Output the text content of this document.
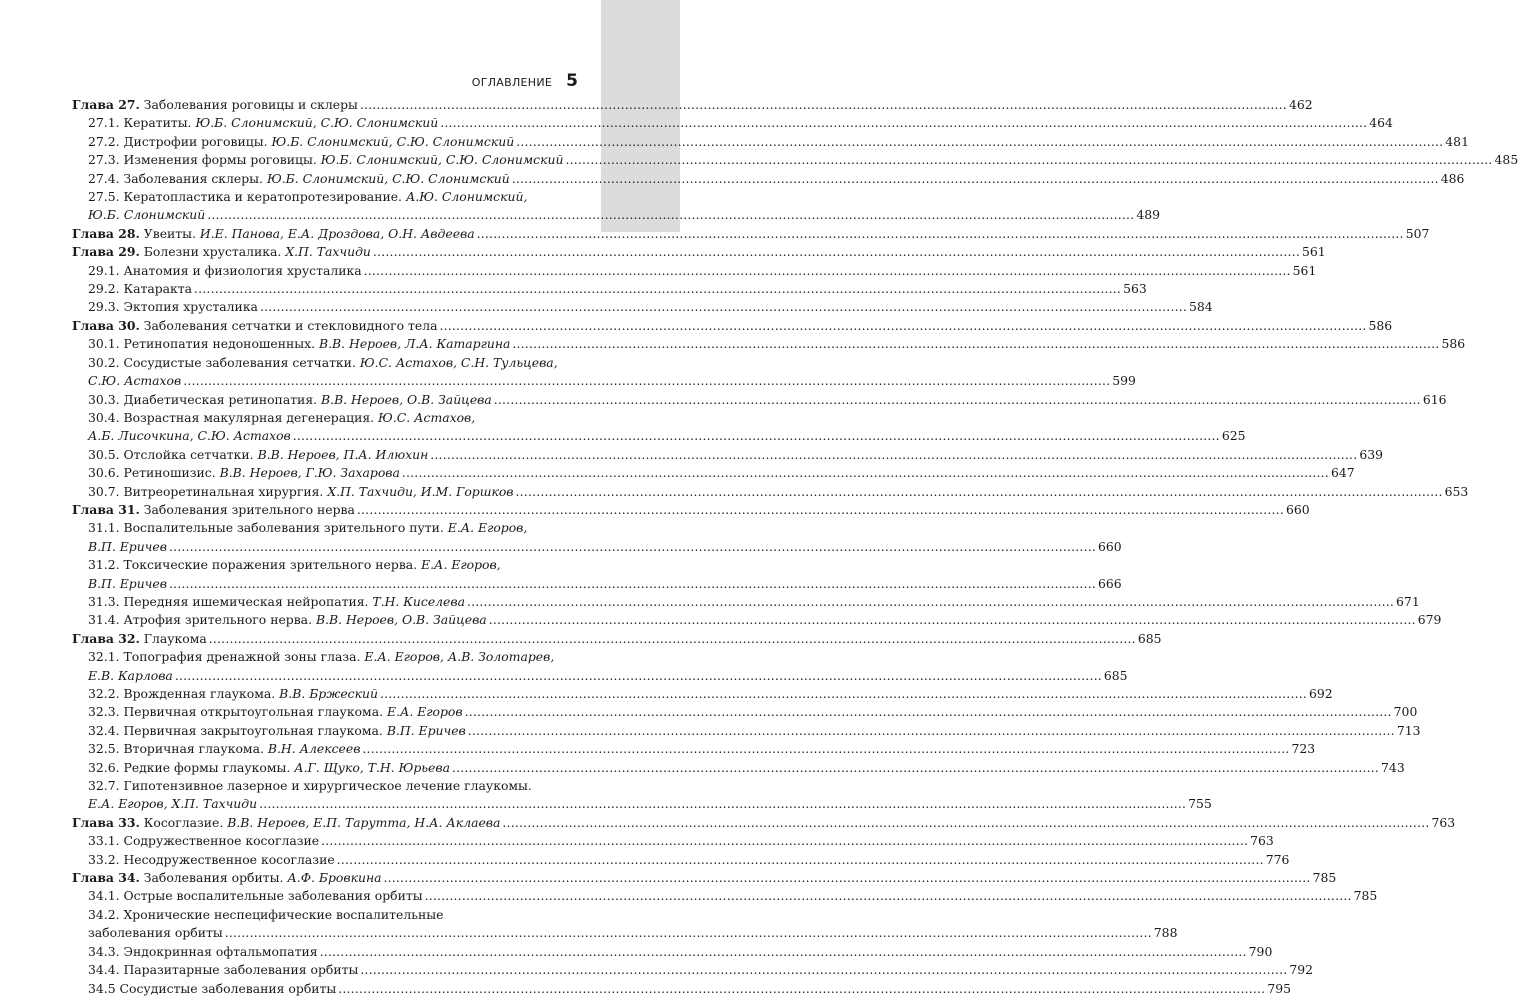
ОГЛАВЛЕНИЕ 5
Глава 27. Заболевания роговицы и склеры .....	462
27.1. Кератиты. Ю.Б. Слонимский, С.Ю. Слонимский .....	464
27.2. Дистрофии роговицы. Ю.Б. Слонимский, С.Ю. Слонимский .....	481
27.3. Изменения формы роговицы. Ю.Б. Слонимский, С.Ю. Слонимский .....	485
27.4. Заболевания склеры. Ю.Б. Слонимский, С.Ю. Слонимский .....	486
27.5. Кератопластика и кератопротезирование. А.Ю. Слонимский,
Ю.Б. Слонимский .....	489
Глава 28. Увеиты. И.Е. Панова, Е.А. Дроздова, О.Н. Авдеева .....	507
Глава 29. Болезни хрусталика. Х.П. Тахчиди .....	561
29.1. Анатомия и физиология хрусталика .....	561
29.2. Катаракта .....	563
29.3. Эктопия хрусталика .....	584
Глава 30. Заболевания сетчатки и стекловидного тела .....	586
30.1. Ретинопатия недоношенных. В.В. Нероев, Л.А. Катаргина .....	586
30.2. Сосудистые заболевания сетчатки. Ю.С. Астахов, С.Н. Тульцева,
С.Ю. Астахов .....	599
30.3. Диабетическая ретинопатия. В.В. Нероев, О.В. Зайцева .....	616
30.4. Возрастная макулярная дегенерация. Ю.С. Астахов,
А.Б. Лисочкина, С.Ю. Астахов .....	625
30.5. Отслойка сетчатки. В.В. Нероев, П.А. Илюхин .....	639
30.6. Ретиношизис. В.В. Нероев, Г.Ю. Захарова .....	647
30.7. Витреоретинальная хирургия. Х.П. Тахчиди, И.М. Горшков .....	653
Глава 31. Заболевания зрительного нерва .....	660
31.1. Воспалительные заболевания зрительного пути. Е.А. Егоров,
В.П. Еричев .....	660
31.2. Токсические поражения зрительного нерва. Е.А. Егоров,
В.П. Еричев .....	666
31.3. Передняя ишемическая нейропатия. Т.Н. Киселева .....	671
31.4. Атрофия зрительного нерва. В.В. Нероев, О.В. Зайцева .....	679
Глава 32. Глаукома .....	685
32.1. Топография дренажной зоны глаза. Е.А. Егоров, А.В. Золотарев,
Е.В. Карлова .....	685
32.2. Врожденная глаукома. В.В. Бржеский .....	692
32.3. Первичная открытоугольная глаукома. Е.А. Егоров .....	700
32.4. Первичная закрытоугольная глаукома. В.П. Еричев .....	713
32.5. Вторичная глаукома. В.Н. Алексеев .....	723
32.6. Редкие формы глаукомы. А.Г. Щуко, Т.Н. Юрьева .....	743
32.7. Гипотензивное лазерное и хирургическое лечение глаукомы.
Е.А. Егоров, Х.П. Тахчиди .....	755
Глава 33. Косоглазие. В.В. Нероев, Е.П. Тарутта, Н.А. Аклаева .....	763
33.1. Содружественное косоглазие .....	763
33.2. Несодружественное косоглазие .....	776
Глава 34. Заболевания орбиты. А.Ф. Бровкина .....	785
34.1. Острые воспалительные заболевания орбиты .....	785
34.2. Хронические неспецифические воспалительные
заболевания орбиты .....	788
34.3. Эндокринная офтальмопатия .....	790
34.4. Паразитарные заболевания орбиты .....	792
34.5 Сосудистые заболевания орбиты .....	795
